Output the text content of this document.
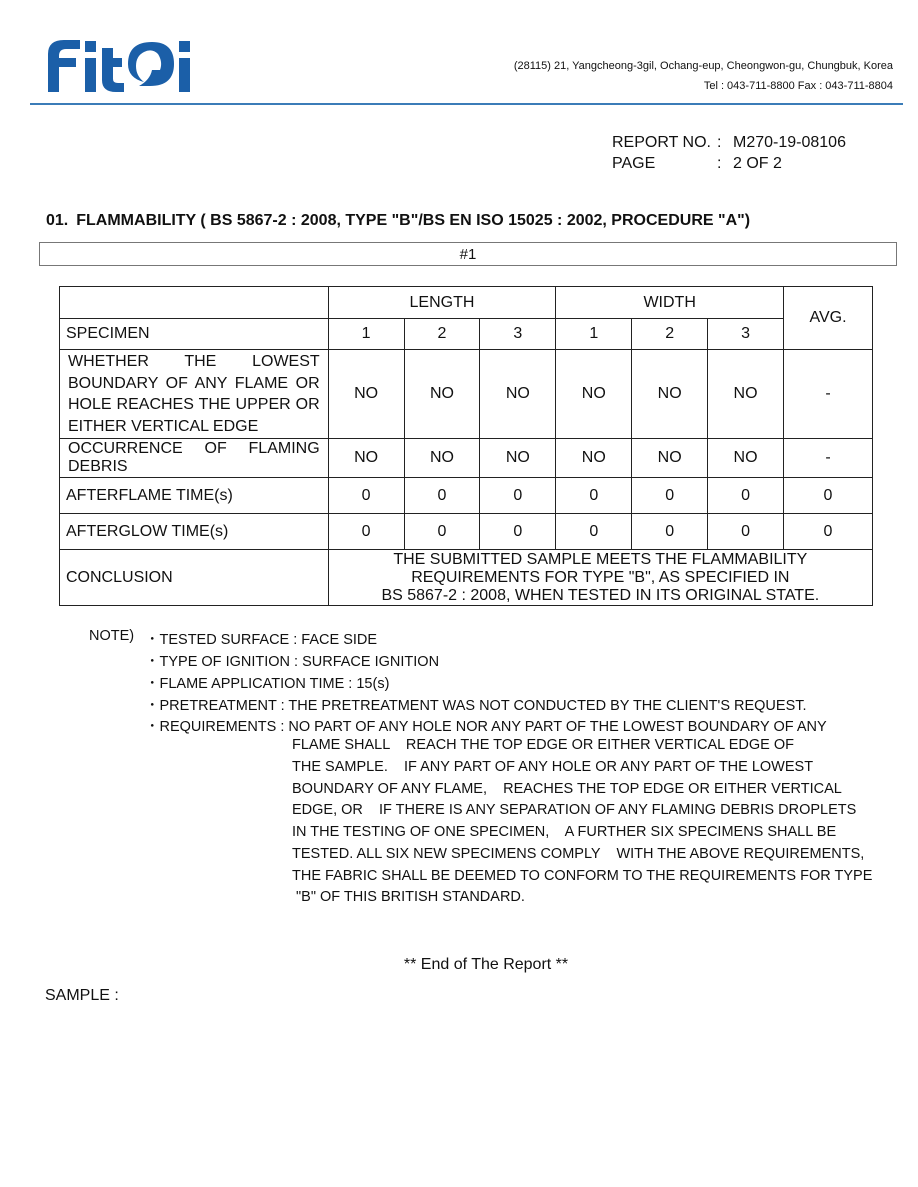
(28115) 21, Yangcheong-3gil, Ochang-eup, Cheongwon-gu, Chungbuk, Korea
Tel : 043-711-8800 Fax : 043-711-8804
REPORT NO. : M270-19-08106
PAGE	: 2 OF 2
01. FLAMMABILITY ( BS 5867-2 : 2008, TYPE "B"/BS EN ISO 15025 : 2002, PROCEDURE "A")
#1
	LENGTH			WIDTH			AVG.
SPECIMEN	1	2	3	1	2	3	
WHETHER THE LOWEST BOUNDARY OF ANY FLAME OR HOLE REACHES THE UPPER OR EITHER VERTICAL EDGE	NO	NO	NO	NO	NO	NO	-
OCCURRENCE OF FLAMING DEBRIS	NO	NO	NO	NO	NO	NO	-
AFTERFLAME TIME(s)	0	0	0	0	0	0	0
AFTERGLOW TIME(s)	0	0	0	0	0	0	0
CONCLUSION	THE SUBMITTED SAMPLE MEETS THE FLAMMABILITY
REQUIREMENTS FOR TYPE "B", AS SPECIFIED IN
BS 5867-2 : 2008, WHEN TESTED IN ITS ORIGINAL STATE.						
NOTE) ・TESTED SURFACE : FACE SIDE
・TYPE OF IGNITION : SURFACE IGNITION
・FLAME APPLICATION TIME : 15(s)
・PRETREATMENT : THE PRETREATMENT WAS NOT CONDUCTED BY THE CLIENT'S REQUEST.
・REQUIREMENTS : NO PART OF ANY HOLE NOR ANY PART OF THE LOWEST BOUNDARY OF ANY
FLAME SHALL    REACH THE TOP EDGE OR EITHER VERTICAL EDGE OF
THE SAMPLE.    IF ANY PART OF ANY HOLE OR ANY PART OF THE LOWEST
BOUNDARY OF ANY FLAME,    REACHES THE TOP EDGE OR EITHER VERTICAL
EDGE, OR    IF THERE IS ANY SEPARATION OF ANY FLAMING DEBRIS DROPLETS
IN THE TESTING OF ONE SPECIMEN,    A FURTHER SIX SPECIMENS SHALL BE
TESTED. ALL SIX NEW SPECIMENS COMPLY    WITH THE ABOVE REQUIREMENTS,
THE FABRIC SHALL BE DEEMED TO CONFORM TO THE REQUIREMENTS FOR TYPE
"B" OF THIS BRITISH STANDARD.
** End of The Report **
SAMPLE :
